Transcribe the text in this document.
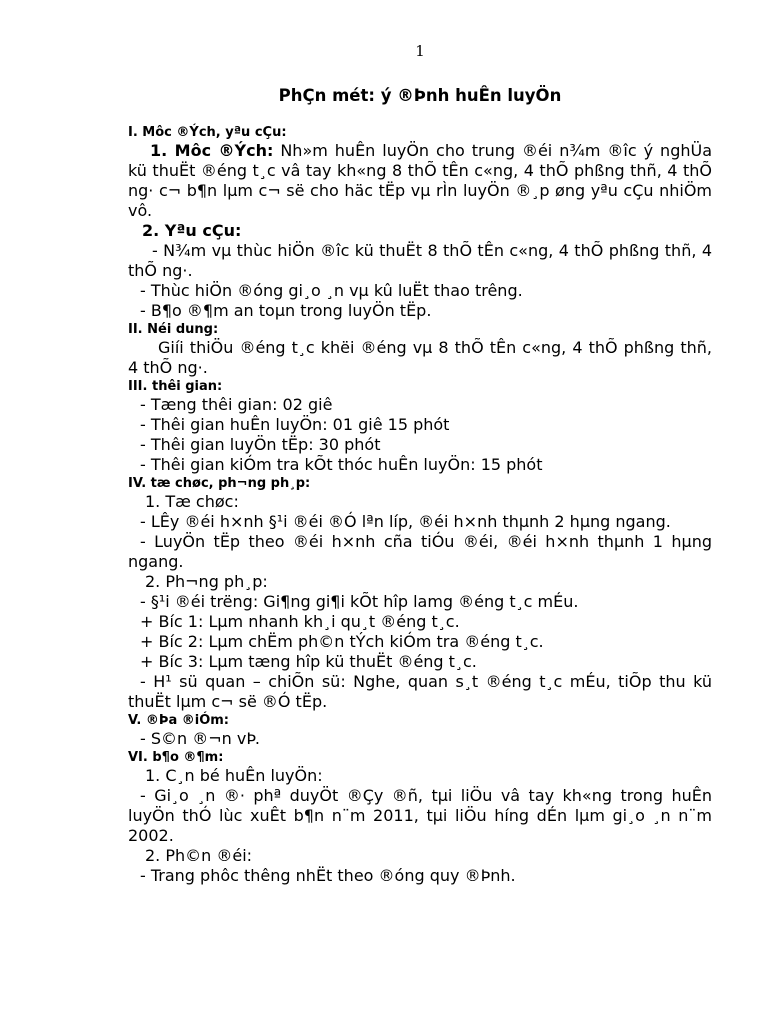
1
PhÇn mét: ý ®Þnh huÊn luyÖn
I. Môc ®Ých, yªu cÇu:

1. Môc ®Ých: Nh»m huÊn luyÖn cho trung ®éi n¾m ®îc ý nghÜa kü thuËt ®éng t¸c vâ tay kh«ng 8 thÕ tÊn c«ng, 4 thÕ phßng thñ, 4 thÕ ng· c¬ b¶n lµm c¬ së cho häc tËp vµ rÌn luyÖn ®¸p øng yªu cÇu nhiÖm vô.

2. Yªu cÇu:

- N¾m vµ thùc hiÖn ®îc kü thuËt 8 thÕ tÊn c«ng, 4 thÕ phßng thñ, 4 thÕ ng·.

- Thùc hiÖn ®óng gi¸o ¸n vµ kû luËt thao trêng.

- B¶o ®¶m an toµn trong luyÖn tËp.

II. Néi dung:

Giíi thiÖu ®éng t¸c khëi ®éng vµ 8 thÕ tÊn c«ng, 4 thÕ phßng thñ, 4 thÕ ng·.

III. thêi gian:

- Tæng thêi gian: 02 giê

- Thêi gian huÊn luyÖn: 01 giê 15 phót

- Thêi gian luyÖn tËp: 30 phót

- Thêi gian kiÓm tra kÕt thóc huÊn luyÖn: 15 phót

IV. tæ chøc, ph¬ng ph¸p:

1. Tæ chøc:

- LÊy ®éi h×nh §¹i ®éi ®Ó lªn líp, ®éi h×nh thµnh 2 hµng ngang.

- LuyÖn tËp theo ®éi h×nh cña tiÓu ®éi, ®éi h×nh thµnh 1 hµng ngang.

2. Ph¬ng ph¸p:

- §¹i ®éi trëng: Gi¶ng gi¶i kÕt hîp lamg ®éng t¸c mÉu.

+ Bíc 1: Lµm nhanh kh¸i qu¸t ®éng t¸c.

+ Bíc 2: Lµm chËm ph©n tÝch kiÓm tra ®éng t¸c.

+ Bíc 3: Lµm tæng hîp kü thuËt ®éng t¸c.

- H¹ sü quan – chiÕn sü: Nghe, quan s¸t ®éng t¸c mÉu, tiÕp thu kü thuËt lµm c¬ së ®Ó tËp.

V. ®Þa ®iÓm:

- S©n ®¬n vÞ.

VI. b¶o ®¶m:

1. C¸n bé huÊn luyÖn:

- Gi¸o ¸n ®· phª duyÖt ®Çy ®ñ, tµi liÖu vâ tay kh«ng trong huÊn luyÖn thÓ lùc xuÊt b¶n n¨m 2011, tµi liÖu híng dÉn lµm gi¸o ¸n n¨m 2002.

2. Ph©n ®éi:

- Trang phôc thêng nhËt theo ®óng quy ®Þnh.
